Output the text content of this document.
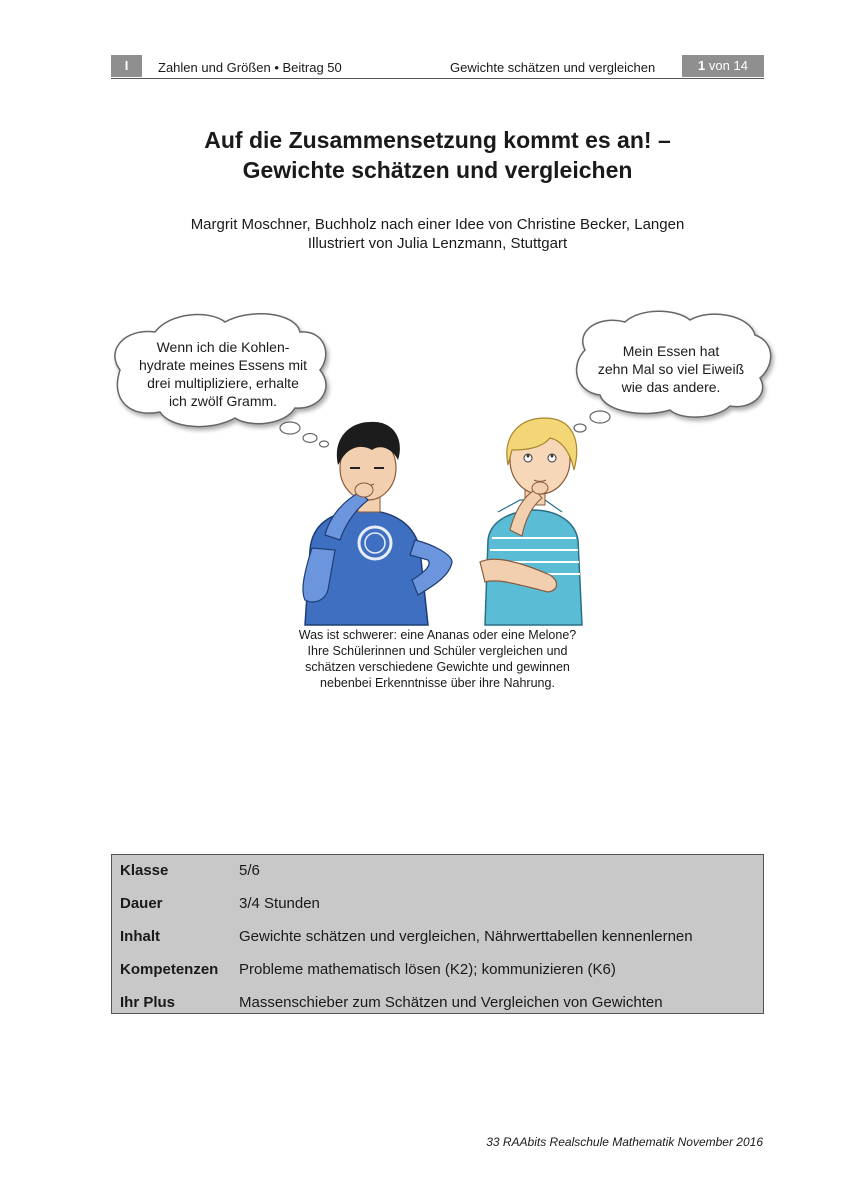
I	Zahlen und Größen • Beitrag 50	Gewichte schätzen und vergleichen	1 von 14
Auf die Zusammensetzung kommt es an! –
Gewichte schätzen und vergleichen
Margrit Moschner, Buchholz nach einer Idee von Christine Becker, Langen
Illustriert von Julia Lenzmann, Stuttgart
Wenn ich die Kohlen-
hydrate meines Essens mit
drei multipliziere, erhalte
ich zwölf Gramm.
Mein Essen hat
zehn Mal so viel Eiweiß
wie das andere.
Was ist schwerer: eine Ananas oder eine Melone?
Ihre Schülerinnen und Schüler vergleichen und
schätzen verschiedene Gewichte und gewinnen
nebenbei Erkenntnisse über ihre Nahrung.
Klasse	5/6
Dauer	3/4 Stunden
Inhalt	Gewichte schätzen und vergleichen, Nährwerttabellen kennenlernen
Kompetenzen Probleme mathematisch lösen (K2); kommunizieren (K6)
Ihr Plus	Massenschieber zum Schätzen und Vergleichen von Gewichten
33 RAAbits Realschule Mathematik November 2016
